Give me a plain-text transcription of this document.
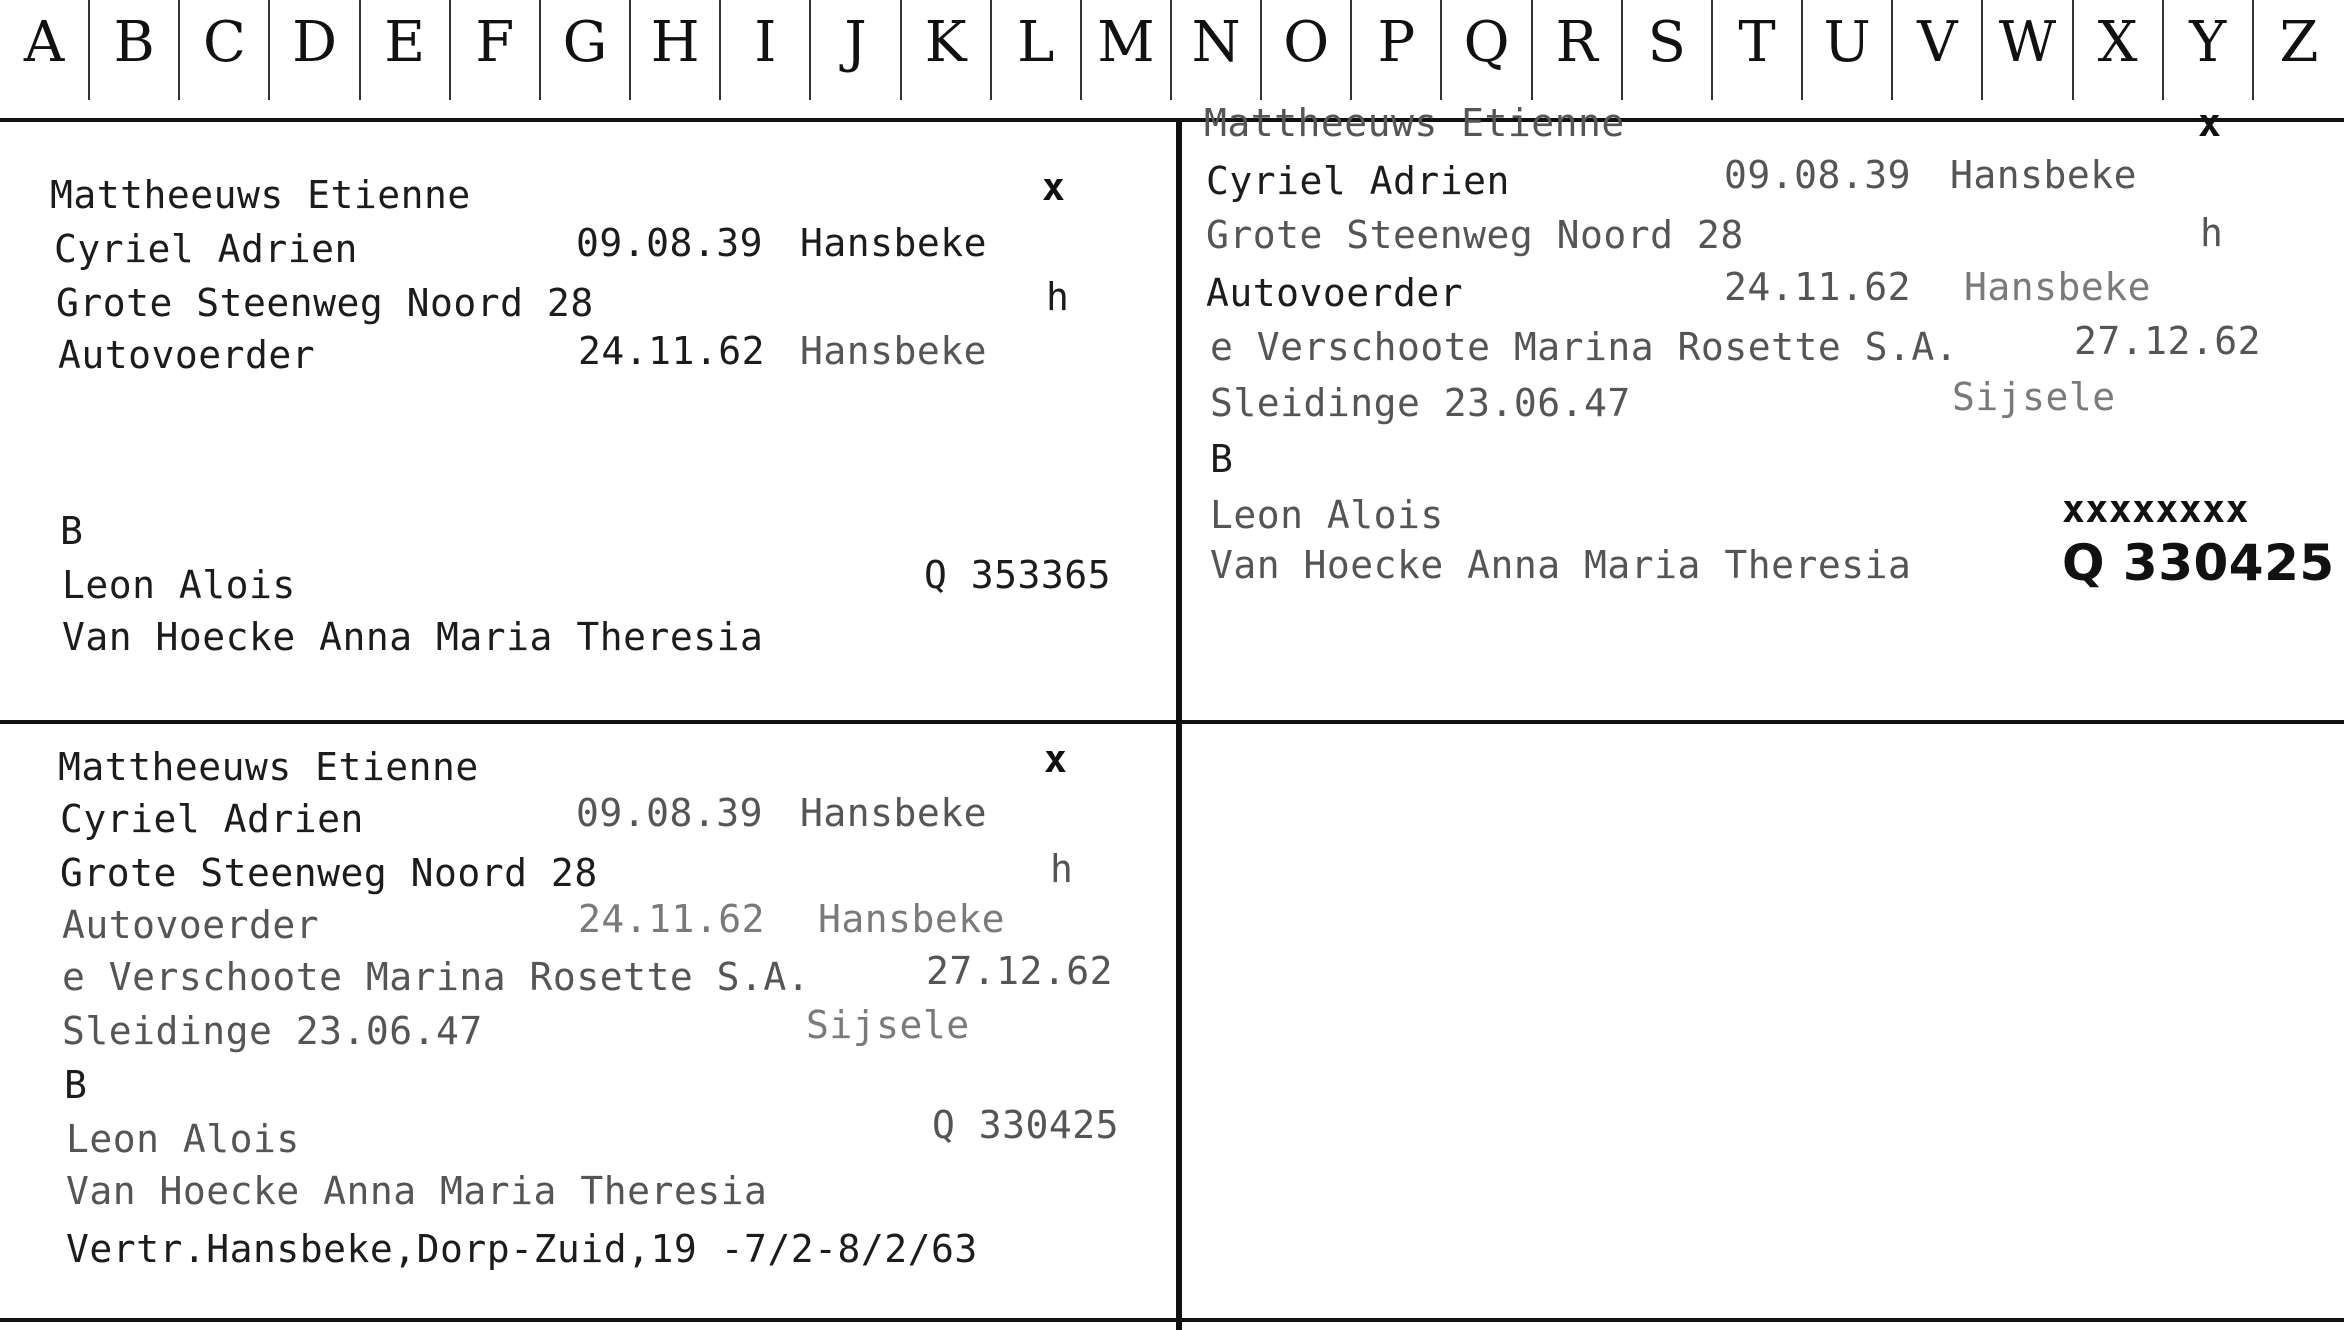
A B C D E F G H I	J	K L M N O P Q R S T U V W X Y Z
Mattheeuws Etienne	x
Cyriel Adrien	09.08.39 Hansbeke
Grote Steenweg Noord 28	h
Autovoerder	24.11.62 Hansbeke
B
Leon Alois	Q 353365
Van Hoecke Anna Maria Theresia
Mattheeuws Etienne	x
Cyriel Adrien	09.08.39 Hansbeke
Grote Steenweg Noord 28	h
Autovoerder	24.11.62 Hansbeke
e Verschoote Marina Rosette S.A.	27.12.62
Sleidinge 23.06.47	Sijsele
B
Leon Alois	xxxxxxxx
Van Hoecke Anna Maria Theresia	Q 330425
Mattheeuws Etienne	x
Cyriel Adrien	09.08.39 Hansbeke
Grote Steenweg Noord 28	h
Autovoerder	24.11.62 Hansbeke
e Verschoote Marina Rosette S.A.	27.12.62
Sleidinge 23.06.47	Sijsele
B
Leon Alois	Q 330425
Van Hoecke Anna Maria Theresia
Vertr.Hansbeke,Dorp-Zuid,19 -7/2-8/2/63
